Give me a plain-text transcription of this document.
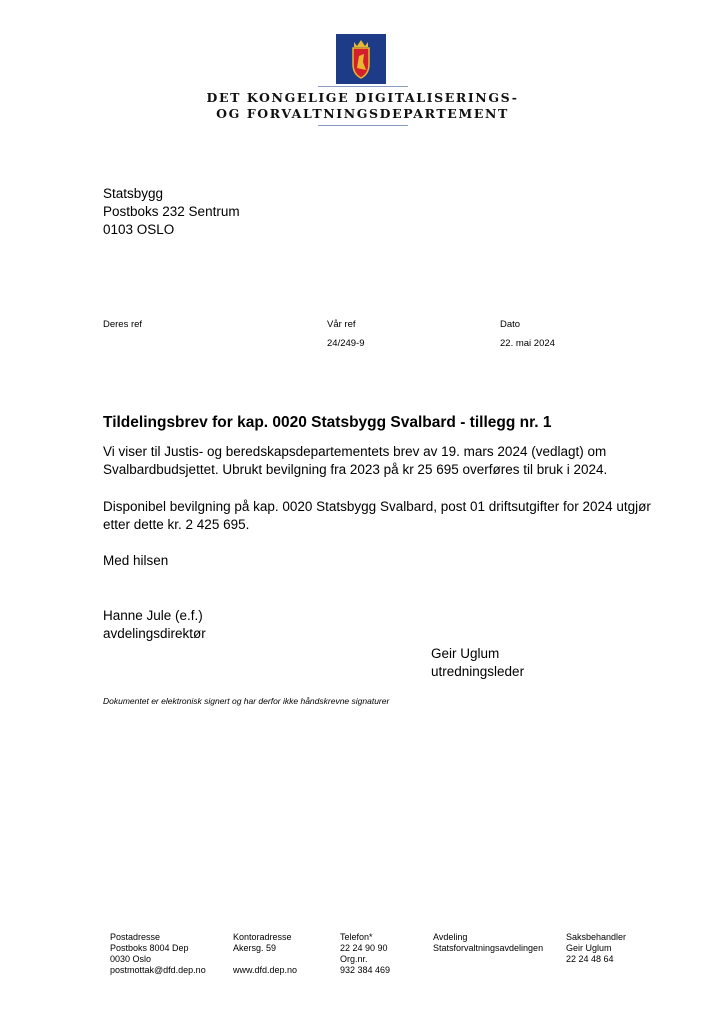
DET KONGELIGE DIGITALISERINGS-
OG FORVALTNINGSDEPARTEMENT
Statsbygg
Postboks 232 Sentrum
0103 OSLO
Deres ref	Vår ref
24/249-9
Dato
22. mai 2024
Tildelingsbrev for kap. 0020 Statsbygg Svalbard - tillegg nr. 1
Vi viser til Justis- og beredskapsdepartementets brev av 19. mars 2024 (vedlagt) om Svalbardbudsjettet. Ubrukt bevilgning fra 2023 på kr 25 695 overføres til bruk i 2024.
Disponibel bevilgning på kap. 0020 Statsbygg Svalbard, post 01 driftsutgifter for 2024 utgjør etter dette kr. 2 425 695.
Med hilsen
Hanne Jule (e.f.)
avdelingsdirektør
Geir Uglum
utredningsleder
Dokumentet er elektronisk signert og har derfor ikke håndskrevne signaturer
Postadresse
Postboks 8004 Dep
0030 Oslo
postmottak@dfd.dep.no
Kontoradresse
Akersg. 59
www.dfd.dep.no
Telefon*
22 24 90 90
Org.nr.
932 384 469
Avdeling
Statsforvaltningsavdelingen
Saksbehandler
Geir Uglum
22 24 48 64
